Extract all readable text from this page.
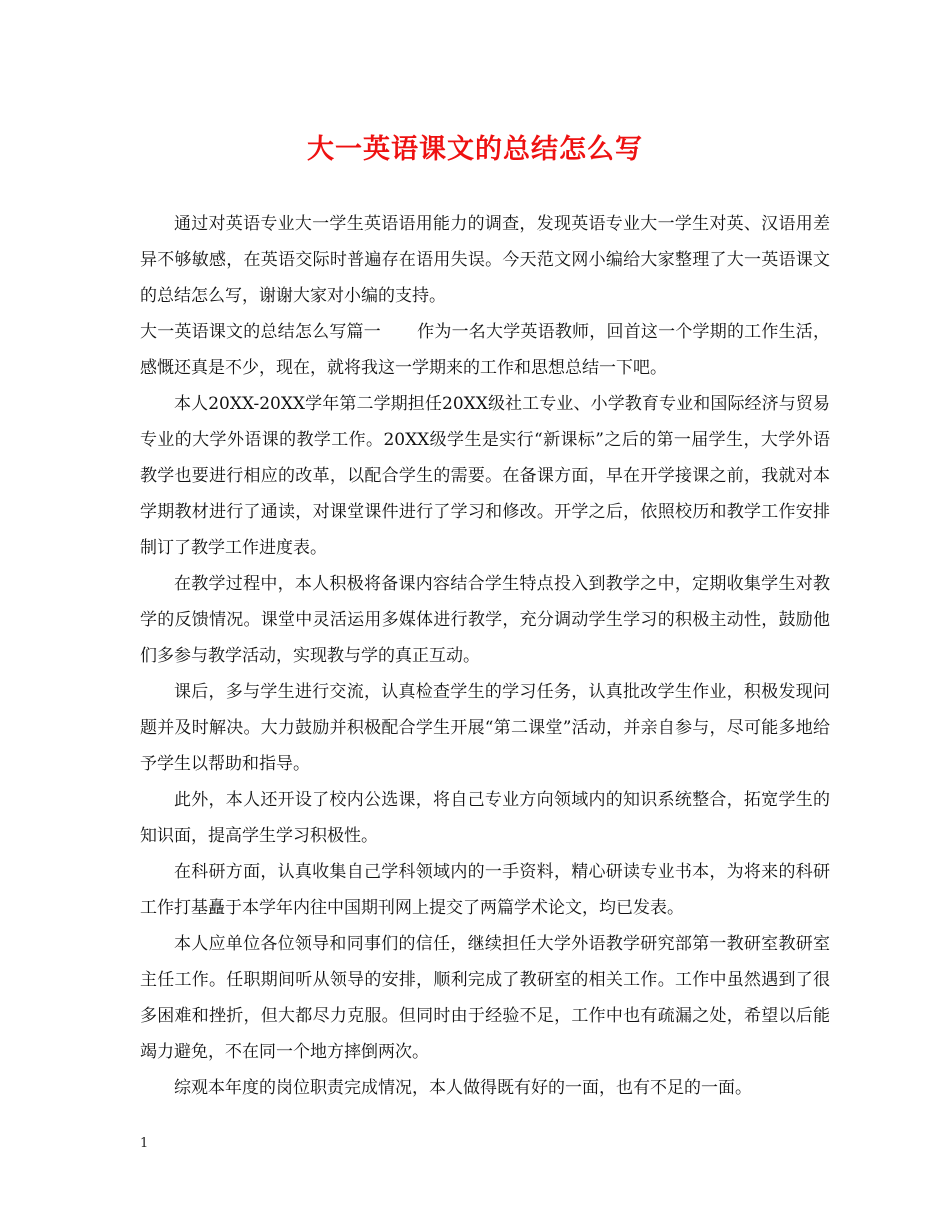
大一英语课文的总结怎么写

通过对英语专业大一学生英语语用能力的调查，发现英语专业大一学生对英、汉语用差异不够敏感，在英语交际时普遍存在语用失误。今天范文网小编给大家整理了大一英语课文的总结怎么写，谢谢大家对小编的支持。

大一英语课文的总结怎么写篇一 作为一名大学英语教师，回首这一个学期的工作生活，感慨还真是不少，现在，就将我这一学期来的工作和思想总结一下吧。

本人20XX-20XX学年第二学期担任20XX级社工专业、小学教育专业和国际经济与贸易专业的大学外语课的教学工作。20XX级学生是实行“新课标”之后的第一届学生，大学外语教学也要进行相应的改革，以配合学生的需要。在备课方面，早在开学接课之前，我就对本学期教材进行了通读，对课堂课件进行了学习和修改。开学之后，依照校历和教学工作安排制订了教学工作进度表。

在教学过程中，本人积极将备课内容结合学生特点投入到教学之中，定期收集学生对教学的反馈情况。课堂中灵活运用多媒体进行教学，充分调动学生学习的积极主动性，鼓励他们多参与教学活动，实现教与学的真正互动。

课后，多与学生进行交流，认真检查学生的学习任务，认真批改学生作业，积极发现问题并及时解决。大力鼓励并积极配合学生开展“第二课堂”活动，并亲自参与，尽可能多地给予学生以帮助和指导。

此外，本人还开设了校内公选课，将自己专业方向领域内的知识系统整合，拓宽学生的知识面，提高学生学习积极性。

在科研方面，认真收集自己学科领域内的一手资料，精心研读专业书本，为将来的科研工作打基矗于本学年内往中国期刊网上提交了两篇学术论文，均已发表。

本人应单位各位领导和同事们的信任，继续担任大学外语教学研究部第一教研室教研室主任工作。任职期间听从领导的安排，顺利完成了教研室的相关工作。工作中虽然遇到了很多困难和挫折，但大都尽力克服。但同时由于经验不足，工作中也有疏漏之处，希望以后能竭力避免，不在同一个地方摔倒两次。

综观本年度的岗位职责完成情况，本人做得既有好的一面，也有不足的一面。

1
